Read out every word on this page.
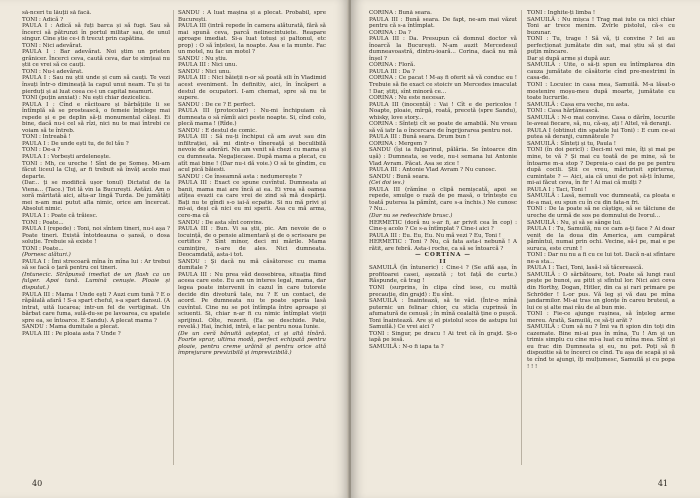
să-nceri tu lăuții să facă.

TONI : Adică ?

PAULA I : Adică să fuți barca și să fugi. Sau să încerci să pătrunzi în portul militar sau, de unul singur. Cine știe ce-i fi trecut prin capătina.

TONI : Nici adevărat.

PAULA I : Bar adevărat. Noi știm un prieten grănicer. Încerci ceva, caută ceva, dar te simțeai nu știi ce vrei să ce cauți.

TONI : Nu-i adevărat.

PAULA I : Sau nu știi unde și cum să cauți. Te vezi însuți într-o dimineață la capul unui neam. Tu și tu pierduți și ai luat ceea ce-i un capital neamuri.

TONI (puțin anxiat) : Nu ești chiar dezicelicu.

PAULA I : Cînd e răcitoare și bărbățiile li se întîmplă să se prostească, o femeie înțelege mai repede și e pe deplin să-ți monumental căleși. Ei bine, dacă nu-i cel să rîzi, nici nu te mai întrebi ce voiam să te întreb.

TONI : Intreabă !

PAULA I : De unde ești tu, de fel tău ?

TONI : De-a ?

PAULA I : Vorbești ardelenește.

TONI : Mh, ce ureche ! Sînt de pe Someș. Mi-am făcut liceul la Cluj, ar fi trebuit să învăț acolo mai departe.

(Dar... ți se modifică ușor tonul) Dictatul de la Viena... (Tace.) Tot lă vin la București. Astăzi. Am o soră măritată aici, alta-ar lingă Turda. De jumătăți mei n-am mai putut afla nimic, orice am încercat. Absolut nimic.

PAULA I : Poate că trăiesc.

TONI : Poate...

PAULA I (repede) : Toni, noi sîntem tineri, nu-i așa ? Poate tineri. Există întotdeauna o șansă, o dosa soluție. Trebuie să existe !

TONI : Poate...

(Pornesc alături.)

PAULA I : Îmi strecoară mîna în mîna lui : Ar trebui să se facă o țară pentru cei tineri.

(Intunecic. Străpunsă imediat de un flash ca un fulger. Apoi tună. Lumină cenușie. Ploaie și disputat.)

PAULA III : Mama ! Unde ești ? Auzi cum tună ? E o răpăială afară ! S-a spart cheful, s-a spart dansul. (A intrat, uită lucarea; intr-un fel de vertiginat. Un bărbat care fuma, sulă-du-se pe lavoarea, cu spatele spre ea, se întoarce. E Sandu). A plecat mama ?

SANDU : Mama dumitale a plecat.

PAULA III : Pe ploaia asta ? Unde ?

SANDU : A luat mașina și a plecat. Probabil, spre București.

PAULA III (intră repede în camera alăturată, fără să mai spună ceva, parcă nelinecintuiete. Reapare aproape imediat. Si-a luat totuși și paltonul, etc prop) : O să înțelesi, la noapte. Asa e la munte. Fac un motel, nu fac un motel ?

SANDU : Nu știu.

PAULA III : Nici unu.

SANDU : Nici unu.

PAULA III : Nici băieții n-or să poată sili în Vladimid acest eveniment. În definitiv, aici, în încăperi a destul de ocupatori. I-am chemat, spre să nu te supere.

SANDU : De ce ? E perfect.

PAULA III (protocolar) : Nu-mi închipuiam că dumneata o să rămîi aici peste noapte. Si, cînd colo, plecă mama ! (Rîde.)

SANDU : E destul de comic.

PAULA III : Să nu-ți închipui că am avut sau din infiltrației, să mi dintr-o tînereață și beculibilă nevoie de aderări. Nu am venit să chezi cu mama și cu dumneata. Negațiecase. După mama a plecat, cu atît mai bine ! (Dar nu-i dă voie.) O să te gîndim, cu acul pică băiesti.

SANDU : Ce înseamnă asta : nedumerește ?

PAULA III : Exact ce spune cuvîntul. Dumneata ai banii, mama mai are încă ai ea. Ei vrea să oamea atîțea evazii ca care vrei de zind să mă despărți. Bați nu te gîndi s-o iai-ă ecpatie. Si nu mă privi și mi-ai, deși că nici eu mi sperii. Asa cu mă arma, cere-ma câ

SANDU : De asta sînt convins.

PAULA III : Bun. Vi sa știi, pic. Am nevoie de o locuință, de o pensie alimentară și de o scrisoare pe certifice ? Sînt minor, deci mi mările. Mama cumințire, n-are de ales. Nici dumneata. Deocamdată, asta-i tot.

SANDU : Și dacă nu mă căsătoresc cu mama dumitale ?

PAULA III : Nu prea văd deosebirea, situația fiind aceea care este. Eu am un interes legal, mama, dar legea poate intervenii în cazul în care tutorele decide din divotură tale, nu ? E un contact, de acord. Pe dumneata nu te poate speria lasă cuvîntul. Cine nu se pot întîmpla între aproape și sciuenti. Si, chiar n-ar fi cu nimic întîmplat vieții sprijinul. Oîte, rezerit. (Ea se deschide. Pate, revelă.) Hai, închid, intră, e lac pentru noua Iunie.

(De un ceră bănuită așteptat, ci și altă tînără. Foarte sprar, ultima modă, perfect echipată pentru ploaie, pentru creme urăină și pentru orice altă împrejurare previzibilă și imprevizibilă.)

40

CORINA : Bună seara.

PAULA III : Bună seara. De fapt, ne-am mai văzut pentru că s-a întîmplat.

CORINA : Da ?

PAULA III : Da. Presupun că domnul doctor vă înoarcă la București. N-am auzit Mercedesul dumneavoastră, dintru-ioară... Corina, dacă nu mă înșel ?

CORINA : Floră.

PAULA III : Da ?

CORINA : Ce pacat ! M-aș fi oferit să vă conduc eu ! Trebuie să fie exact ce stoiciv un Mercedes imaculat ! Dar, știți, sînt minoră ce...

CORINA : Nu este necesar.

PAULA III (inocentă) : Vai ! Cît e de pericolos ! Noapte, ploaie, mîrgă, roată, precetă (spre Sandu), whisky, love story...

CORINA : Sînteți cît se poate de amabilă. Nu vreau să vă iatr la o încercare de îngrijorarea pentru noi.

PAULA III : Bună seara. Drum bun !

CORINA : Mergem ?

SANDU (își ia fulgarinul, pălăria. Se întoarce din ușă) : Dumneata, se vede, nu-i semana lui Antonie Vlad Avram. Păcat. Asa se zice !

PAULA III : Antonie Vlad Avram ? Nu cunosc.

SANDU : Bună seara.

(Cei doi ies.)

PAULA III (rămîne o clipă nemișcată, apoi se repede, smulge o rază de pe masă, o trîntește cu toată puterea la pămînt, care s-a închis.) Ne cunosc ? Nu...

(Dar nu se redeschide brusc.)

HERMETIC (doră nu s-ar fi, ar privit cea în cop) : Cine-ș acolo ? Ce s-a întîmplat ? Cine-i aici ?

PAULA III : Eu. Eu, Eu. Nu mă vezi ? Eu, Toni !

HERMETIC : Toni ? Nu, că fata asta-i nebună ! A rătit, are febră. Asta-i roche, ca să se întoarcă ?

— CORTINA —

II

SAMUILĂ (în întuneric) : Cine-i ? (Se află așa, în profitoarei casei, așezată ; tot față de curte.) Răspunde, că trag !

TONI (surprins, în clipa cînd iese, cu multă precauție, din grajd) : Eu sînt.

SAMUILĂ : Înaintează, să te văd. (Într-o mînă puternic un felinar chior, cu sticla cuprinsă în afumatură de cenușă ; în mînă cealaltă ține o pușcă. Toni înaintează. Are și el pistolul scos de astupu lui Samuilă.) Ce vrei aici ?

TONI : Singur, pe dracu ! Ai tret că în grajd. Și-o iapă pe iesă.

SAMUILĂ : N-o fi iapa ta ?

TONI : Inghite-ți limba !

SAMUILĂ : Nu mișca ! Trag mai iute ca nici chiar Toni ar trece menim. Zvîrle pistolul, că-s cu buzunar.

TONI : Tu, trage ! Să vă, ți convine ? Iei au perfecționat jumătate din sat, mai știu să și dai puțin mîncare.

Dar și după arme și după aur.

SAMUILĂ : Uite, o să-ți spun eu întîmplarea din cauza jumătate de căsătorie cînd pre-mestrimi în casa-de.

TONI : Locuiec in casa mea, Samuilă. M-a lăsat-o mostenire moșu-meu după moarte, jumătate cu toate lucrurile.

SAMUILĂ : Casa era veche, nu asta.

TONI : Casa hărțănească.

SAMUILĂ : N-o mai convine. Casa o dărîm, locurile le-aveai fiecare, să, nu, că-aș, ați ! Altel, vă deranji.

PAULA I (obtinut din spatele lui Toni) : E cum ce-ai putea să deranji, cumnăteule ?

SAMUILĂ : Sînteți și tu, Paula !

TONI (în doi pericl) : Deci-mi vei mie, îți și mai pe mine, te vă ? Și mai cu toată de pe mine, să te întoarne m-a stop ? Depreia-o casi de pe pe pentru după cocili. Știi ce vreu, mărturisit spirterea, cumintate ? — Aici, aia că unui de pot să-ți înlume, mi-ai făcut ceva, în fir ! Ai mai că mulți ?

PAULA I : Taci, Toni !

SAMUILĂ : Lasă, nemuli voc dumneată, ca ploata e de-a mai, eu spun cu în cu din fata-n fri.

TONI : De la poate să ne câștige, să se tâlciune de ureche de urmă de sos pe domnului de Ivorul...

SAMUILĂ : Nu, și să se sânge lui.

PAULA I : Tu, Samuilă, nu ce cam a-ți face ? Ai doar venit de la doua din America, am cumpărat pămîntul, numai prin ochi. Vecine, să-i pe, mai e pe suruca, este crunt !

TONI : Dar nu nu a fi cu ce lui tot. Dacă n-ai sfîntare ne-a sta...

PAULA I : Taci, Toni, lasă-l să tăcerească.

SAMUILĂ : O sărbătoare, tot. Poate să lungi raul pește pe bunoi, au pitit și sfîntul lor. Nici aici ceva din Horthy, Dogan, Hitler, din ca și rari primare pe Schröder ! L-or pus. Vă leg și vă dau pe mîna jandarmilor. Mi-ai tras un glonțe în careu bruteul, a lui ce și alte mai rău de al bun mie.

TONI : Fie-ce ajunge rușinea, să înțeleg arme mereu. Arată, Samuilă, ce să-ți arăt ?

SAMUILĂ : Cum să nu ? Îmi va fi spion din toți din cazemate. Bine mi-ai pus în mîna, Tu ! Am și un trimis simplu cu cine mi-a luat cu mîna mea. Sînt și eu frac din Dumneata și eu, nu pot. Poți să fi dispozitie să te încerci ce cînd. Tu așa de scapă și să te cînd te ajungi, îți mulțumesc, Samuilă și cu popa ! ! !

41
